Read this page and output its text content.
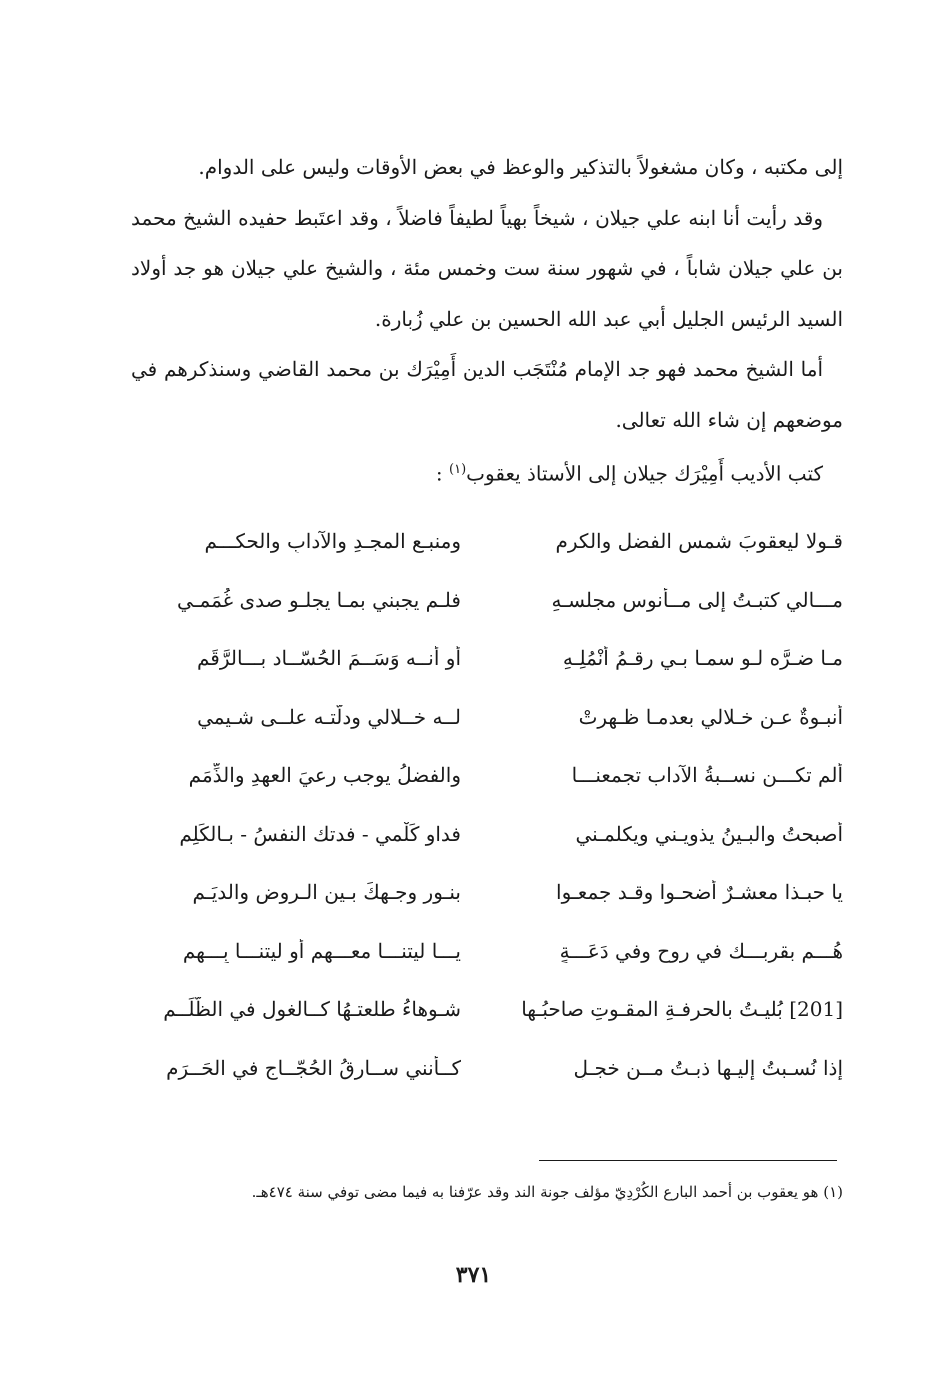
إلى مكتبه ، وكان مشغولاً بالتذكير والوعظ في بعض الأوقات وليس على الدوام.

وقد رأيت أنا ابنه علي جيلان ، شيخاً بهياً لطيفاً فاضلاً ، وقد اعتَبط حفيده الشيخ محمد بن علي جيلان شاباً ، في شهور سنة ست وخمس مئة ، والشيخ علي جيلان هو جد أولاد السيد الرئيس الجليل أبي عبد الله الحسين بن علي زُبارة.

أما الشيخ محمد فهو جد الإمام مُنْتَجَب الدين أَمِيْرَك بن محمد القاضي وسنذكرهم في موضعهم إن شاء الله تعالى.

كتب الأديب أَمِيْرَك جيلان إلى الأستاذ يعقوب$^{(١)}$ :

قـولا ليعقوبَ شمسِ الفضلِ والكرمِ
ومنبـعِ المجـدِ والآدابِ والحكـــمِ
مـــالي كتبـتُ إلى مــأنوسِ مجلسـهِ
فلـم يجبني بمـا يجلـو صدى غُمَمـي
مـا ضـرَّه لـو سمـا بـي رقـمُ أَنْمُلِـهِ
أو أنــه وَسَــمَ الحُسّــاد بـــالرَّقَمِ
أنبـوةٌ عـن خـلالي بعدمـا ظـهرتْ
لــه خــلالي ودلَّتـه علــى شـيمي
ألم تكـــن نســبةُ الآداب تجمعنـــا
والفضلُ يوجب رعيَ العهدِ والذِّمَمِ
أصبحتُ والبـينُ يذويـني ويكلمـني
فداوِ كَلْمي - فدتك النفسُ - بـالكَلِمِ
يا حبـذا معشـرٌ أضحـوا وقـد جمعـوا
بنـورِ وجـهكَ بـين الـروضِ والديَـمِ
هُـــم بقربـــك في روحٍ وفي دَعَـــةٍ
يـــا ليتنـــا معـــهم أو ليتنـــا بِـــهِمِ
[201] بُليـتُ بالحرفـةِ المقـوتِ صاحبُـها
شـوهاءُ طلعتـهُا كــالغولِ في الظُّلَــمِ
إذا نُسـبتُ إليـها ذبـتُ مــن خجـلٍ
كــأنني ســارقُ الحُجّــاجِ في الحَــرَمِ
(١) هو يعقوب بن أحمد البارع الكُرْدِيّ مؤلف جونة الند وقد عرّفنا به فيما مضى توفي سنة ٤٧٤هـ.
٣٧١
